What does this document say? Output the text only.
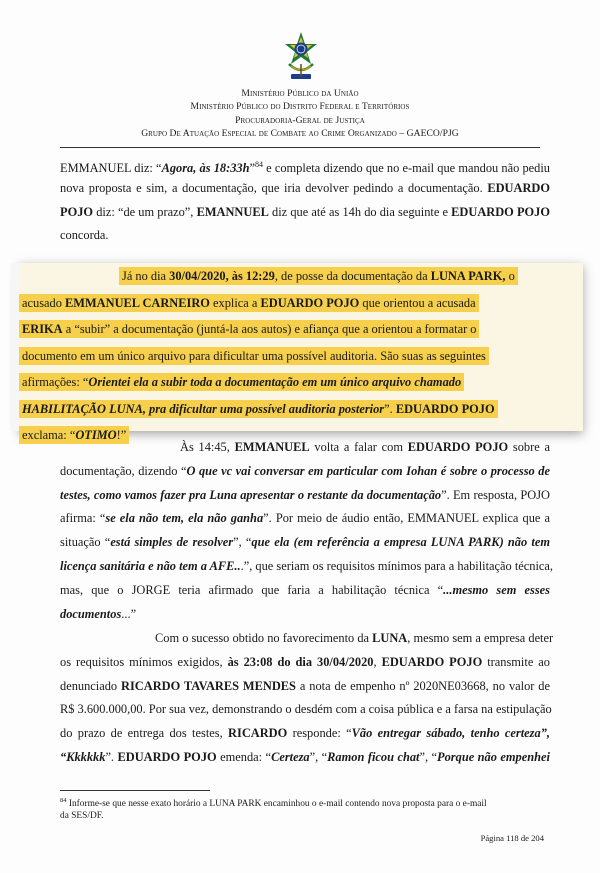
Ministério Público da União
Ministério Público do Distrito Federal e Territórios
Procuradoria-Geral de Justiça
Grupo De Atuação Especial de Combate ao Crime Organizado – GAECO/PJG
EMMANUEL diz: “Agora, às 18:33h”$^{84}$ e completa dizendo que no e-mail que mandou não pediu
nova proposta e sim, a documentação, que iria devolver pedindo a documentação. EDUARDO
POJO diz: “de um prazo”, EMANNUEL diz que até as 14h do dia seguinte e EDUARDO POJO
concorda.
Já no dia 30/04/2020, às 12:29, de posse da documentação da LUNA PARK, o
acusado EMMANUEL CARNEIRO explica a EDUARDO POJO que orientou a acusada
ERIKA a “subir” a documentação (juntá-la aos autos) e afiança que a orientou a formatar o
documento em um único arquivo para dificultar uma possível auditoria. São suas as seguintes
afirmações: “Orientei ela a subir toda a documentação em um único arquivo chamado
HABILITAÇÃO LUNA, pra dificultar uma possível auditoria posterior”. EDUARDO POJO
exclama: “OTIMO!”
Às 14:45, EMMANUEL volta a falar com EDUARDO POJO sobre a
documentação, dizendo “O que vc vai conversar em particular com Iohan é sobre o processo de
testes, como vamos fazer pra Luna apresentar o restante da documentação”. Em resposta, POJO
afirma: “se ela não tem, ela não ganha”. Por meio de áudio então, EMMANUEL explica que a
situação “está simples de resolver”, “que ela (em referência a empresa LUNA PARK) não tem
licença sanitária e não tem a AFE...”, que seriam os requisitos mínimos para a habilitação técnica,
mas, que o JORGE teria afirmado que faria a habilitação técnica “...mesmo sem esses
documentos...”
Com o sucesso obtido no favorecimento da LUNA, mesmo sem a empresa deter
os requisitos mínimos exigidos, às 23:08 do dia 30/04/2020, EDUARDO POJO transmite ao
denunciado RICARDO TAVARES MENDES a nota de empenho nº 2020NE03668, no valor de
R$ 3.600.000,00. Por sua vez, demonstrando o desdém com a coisa pública e a farsa na estipulação
do prazo de entrega dos testes, RICARDO responde: “Vão entregar sábado, tenho certeza”,
“Kkkkkk”. EDUARDO POJO emenda: “Certeza”, “Ramon ficou chat”, “Porque não empenhei
$^{84}$ Informe-se que nesse exato horário a LUNA PARK encaminhou o e-mail contendo nova proposta para o e-mail
da SES/DF.
Página 118 de 204
